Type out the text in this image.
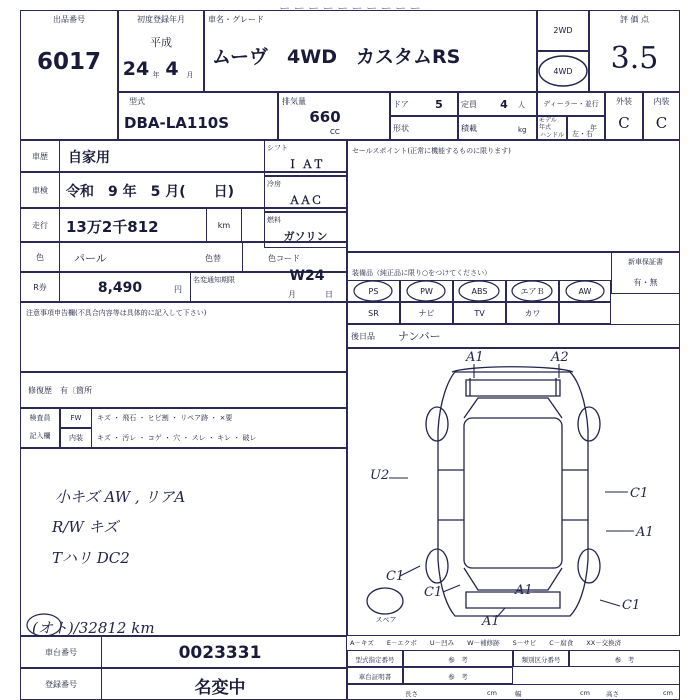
ー ー ー ー ー ー ー ー ー ー
出品番号
6017
初度登録年月
平成
24 年 4	月
型式
DBA-LA110S
車名・グレード
ムーヴ　4WD　カスタムRS
2WD
4WD
評 価 点
3.5
排気量
660
CC
ドア	5
形状
定員	4	人
積載	kg
ディーラー・並行
モデル
年式	年
ハンドル	左・右
外装
C
内装
C
車歴	自家用
車検	令和　9 年　5 月(　　日)
走行	13万2千812	km
色	パール	色替
R券	8,490	円
名変通知期限
月	日
注意事項申告欄(不具合内容等は具体的に記入して下さい)
修復歴　有〔箇所
シフト
Ｉ ＡＴ
冷房
ＡＡＣ
燃料
ガソリン
色コード
W24
セールスポイント(正常に機能するものに限ります)
装備品（純正品に限り○をつけてください）
新車保証書
有・無
PS	PW	ABS	エアＢ	AW
SR	ナビ	TV	カワ
後日品	ナンバー
検査員
記入欄
FW	キズ ・ 飛石 ・ ヒビ割 ・ リペア跡 ・ ×要
内装	キズ ・ 汚レ ・ コゲ ・ 穴 ・ スレ ・ キレ ・ 破レ
小キズ AW , リアA
R/W キズ
Tハリ DC2
(オト)/32812 km	スペア
A1	A2
U2
C1
A1
C1
C1	A1
C1
A1
A－キズ　　E－エクボ　　U－凹み　　W－補修跡　　S－サビ　　C－腐食　　XX－交換済
型式指定番号	参　考	類別区分番号	参　考
車台証明書	参　考
長さ	cm	幅	cm	高さ	cm
車台番号	0023331
登録番号	名変中
